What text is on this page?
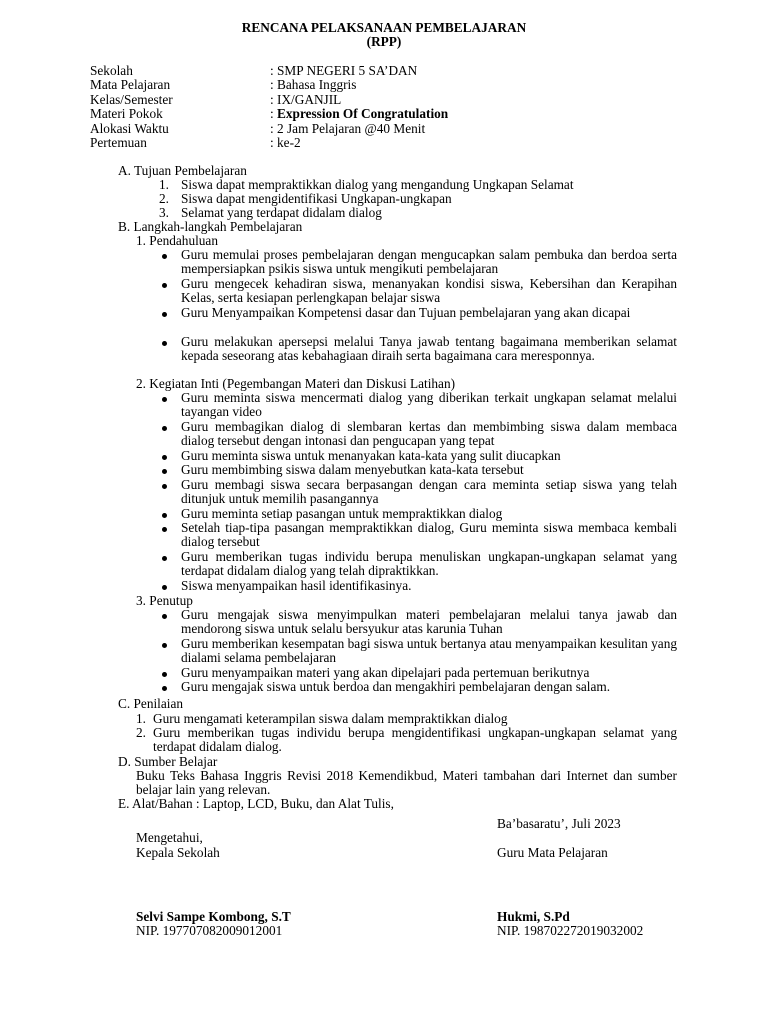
RENCANA PELAKSANAAN PEMBELAJARAN
(RPP)
Sekolah	: SMP NEGERI 5 SA’DAN
Mata Pelajaran	: Bahasa Inggris
Kelas/Semester	: IX/GANJIL
Materi Pokok	: Expression Of Congratulation
Alokasi Waktu	: 2 Jam Pelajaran @40 Menit
Pertemuan	: ke-2
A. Tujuan Pembelajaran
1. Siswa dapat mempraktikkan dialog yang mengandung Ungkapan Selamat
2. Siswa dapat mengidentifikasi Ungkapan-ungkapan
3. Selamat yang terdapat didalam dialog
B. Langkah-langkah Pembelajaran
1. Pendahuluan
Guru memulai proses pembelajaran dengan mengucapkan salam pembuka dan berdoa serta mempersiapkan psikis siswa untuk mengikuti pembelajaran
Guru mengecek kehadiran siswa, menanyakan kondisi siswa, Kebersihan dan Kerapihan Kelas, serta kesiapan perlengkapan belajar siswa
Guru Menyampaikan Kompetensi dasar dan Tujuan pembelajaran yang akan dicapai
Guru melakukan apersepsi melalui Tanya jawab tentang bagaimana memberikan selamat kepada seseorang atas kebahagiaan diraih serta bagaimana cara meresponnya.
2. Kegiatan Inti (Pegembangan Materi dan Diskusi Latihan)
Guru meminta siswa mencermati dialog yang diberikan terkait ungkapan selamat melalui tayangan video
Guru membagikan dialog di slembaran kertas dan membimbing siswa dalam membaca dialog tersebut dengan intonasi dan pengucapan yang tepat
Guru meminta siswa untuk menanyakan kata-kata yang sulit diucapkan
Guru membimbing siswa dalam menyebutkan kata-kata tersebut
Guru membagi siswa secara berpasangan dengan cara meminta setiap siswa yang telah ditunjuk untuk memilih pasangannya
Guru meminta setiap pasangan untuk mempraktikkan dialog
Setelah tiap-tipa pasangan mempraktikkan dialog, Guru meminta siswa membaca kembali dialog tersebut
Guru memberikan tugas individu berupa menuliskan ungkapan-ungkapan selamat yang terdapat didalam dialog yang telah dipraktikkan.
Siswa menyampaikan hasil identifikasinya.
3. Penutup
Guru mengajak siswa menyimpulkan materi pembelajaran melalui tanya jawab dan mendorong siswa untuk selalu bersyukur atas karunia Tuhan
Guru memberikan kesempatan bagi siswa untuk bertanya atau menyampaikan kesulitan yang dialami selama pembelajaran
Guru menyampaikan materi yang akan dipelajari pada pertemuan berikutnya
Guru mengajak siswa untuk berdoa dan mengakhiri pembelajaran dengan salam.
C. Penilaian
1. Guru mengamati keterampilan siswa dalam mempraktikkan dialog
2. Guru memberikan tugas individu berupa mengidentifikasi ungkapan-ungkapan selamat yang terdapat didalam dialog.
D. Sumber Belajar
Buku Teks Bahasa Inggris Revisi 2018 Kemendikbud, Materi tambahan dari Internet dan sumber belajar lain yang relevan.
E. Alat/Bahan : Laptop, LCD, Buku, dan Alat Tulis,
Ba’basaratu’, Juli 2023
Mengetahui,
Kepala Sekolah	Guru Mata Pelajaran
Selvi Sampe Kombong, S.T	Hukmi, S.Pd
NIP. 197707082009012001	NIP. 198702272019032002
